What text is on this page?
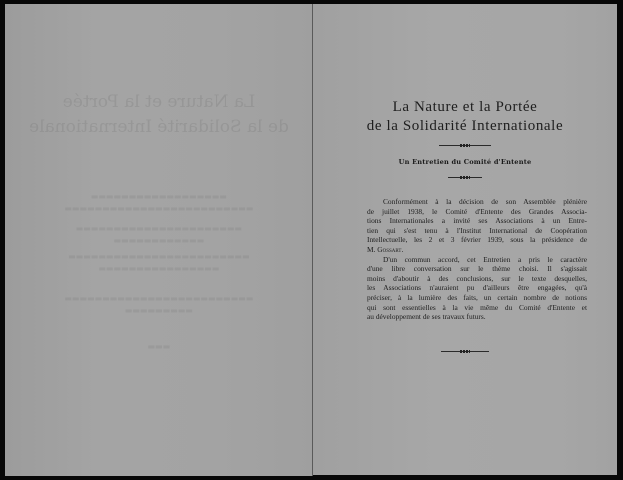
La Nature et la Portée
de la Solidarité Internationale
▬▬▬▬▬▬▬▬▬▬▬▬▬▬▬▬▬▬
▬▬▬▬▬▬▬▬▬▬▬▬▬▬▬▬▬▬▬▬▬▬▬▬▬
▬▬▬▬▬▬▬▬▬▬▬▬▬▬▬▬▬▬▬▬▬▬
▬▬▬▬▬▬▬▬▬▬▬▬
▬▬▬▬▬▬▬▬▬▬▬▬▬▬▬▬▬▬▬▬▬▬▬▬
▬▬▬▬▬▬▬▬▬▬▬▬▬▬▬▬
▬▬▬▬▬▬▬▬▬▬▬▬▬▬▬▬▬▬▬▬▬▬▬▬▬
▬▬▬▬▬▬▬▬▬
▬▬▬
La Nature et la Portée
de la Solidarité Internationale
Un Entretien du Comité d'Entente

Conformément à la décision de son Assemblée plénière
de juillet 1938, le Comité d'Entente des Grandes Associa-
tions Internationales a invité ses Associations à un Entre-
tien qui s'est tenu à l'Institut International de Coopération
Intellectuelle, les 2 et 3 février 1939, sous la présidence de
M. Gossart.

D'un commun accord, cet Entretien a pris le caractère
d'une libre conversation sur le thème choisi. Il s'agissait
moins d'aboutir à des conclusions, sur le texte desquelles,
les Associations n'auraient pu d'ailleurs être engagées, qu'à
préciser, à la lumière des faits, un certain nombre de notions
qui sont essentielles à la vie même du Comité d'Entente et
au développement de ses travaux futurs.
